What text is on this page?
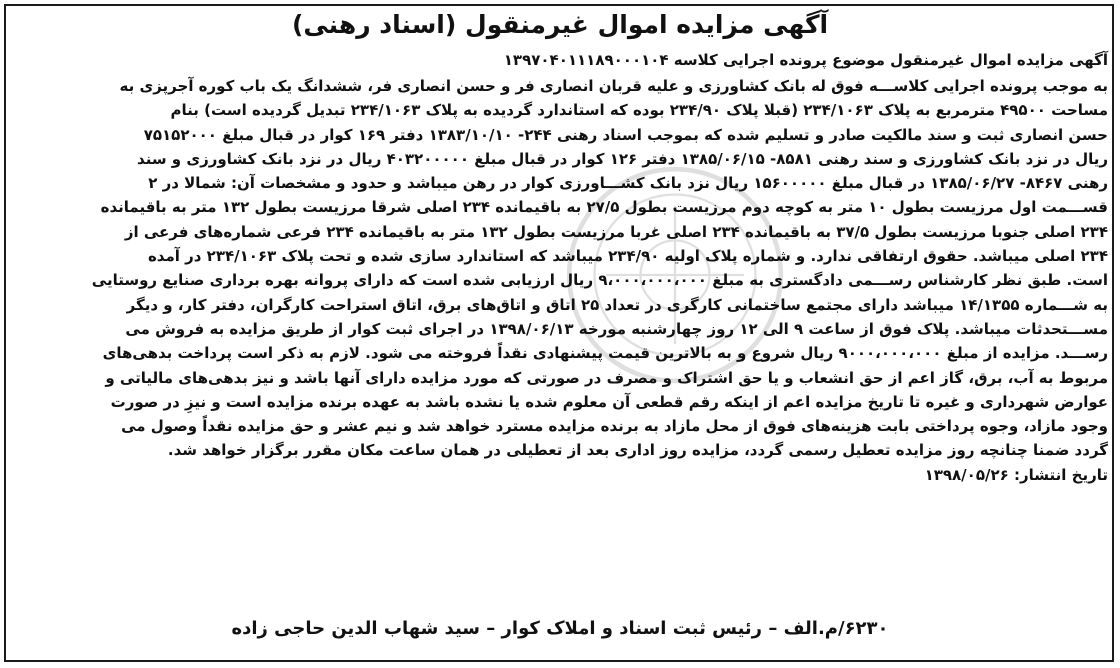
آگهی مزایده اموال غیرمنقول (اسناد رهنی)
آگهی مزایده اموال غیرمنقول موضوع پرونده اجرایی کلاسه ۱۳۹۷۰۴۰۱۱۱۸۹۰۰۰۱۰۴
به موجب پرونده اجرایی کلاســـه فوق له بانک کشاورزی و علیه قربان انصاری فر و حسن انصاری فر، ششدانگ یک باب کوره آجرپزی به
مساحت ۴۹۵۰۰ مترمربع به پلاک ۲۳۴/۱۰۶۳ (قبلا پلاک ۲۳۴/۹۰ بوده که استاندارد گردیده به پلاک ۲۳۴/۱۰۶۳ تبدیل گردیده است) بنام
حسن انصاری ثبت و سند مالکیت صادر و تسلیم شده که بموجب اسناد رهنی ۲۴۴- ۱۳۸۳/۱۰/۱۰ دفتر ۱۶۹ کوار در قبال مبلغ ۷۵۱۵۲۰۰۰
ریال در نزد بانک کشاورزی و سند رهنی ۸۵۸۱- ۱۳۸۵/۰۶/۱۵ دفتر ۱۲۶ کوار در قبال مبلغ ۴۰۳۲۰۰۰۰۰ ریال در نزد بانک کشاورزی و سند
رهنی ۸۴۶۷- ۱۳۸۵/۰۶/۲۷ در قبال مبلغ ۱۵۶۰۰۰۰۰ ریال نزد بانک کشـــاورزی کوار در رهن میباشد و حدود و مشخصات آن: شمالا در ۲
قســـمت اول مرزیست بطول ۱۰ متر به کوچه دوم مرزیست بطول ۲۷/۵ به باقیمانده ۲۳۴ اصلی شرقا مرزیست بطول ۱۳۲ متر به باقیمانده
۲۳۴ اصلی جنوبا مرزیست بطول ۳۷/۵ به باقیمانده ۲۳۴ اصلی غربا مرزیست بطول ۱۳۲ متر به باقیمانده ۲۳۴ فرعی شماره‌های فرعی از
۲۳۴ اصلی میباشد. حقوق ارتفاقی ندارد. و شماره پلاک اولیه ۲۳۴/۹۰ میباشد که استاندارد سازی شده و تحت پلاک ۲۳۴/۱۰۶۳ در آمده
است. طبق نظر کارشناس رســـمی دادگستری به مبلغ ۹،۰۰۰،۰۰۰،۰۰۰ ریال ارزیابی شده است که دارای پروانه بهره برداری صنایع روستایی
به شـــماره ۱۴/۱۳۵۵ میباشد دارای مجتمع ساختمانی کارگری در تعداد ۲۵ اتاق و اتاق‌های برق، اتاق استراحت کارگران، دفتر کار، و دیگر
مســـتحدثات میباشد. پلاک فوق از ساعت ۹ الی ۱۲ روز چهارشنبه مورخه ۱۳۹۸/۰۶/۱۳ در اجرای ثبت کوار از طریق مزایده به فروش می
رســـد. مزایده از مبلغ ۹۰۰۰،۰۰۰،۰۰۰ ریال شروع و به بالاترین قیمت پیشنهادی نقداً فروخته می شود. لازم به ذکر است پرداخت بدهی‌های
مربوط به آب، برق، گاز اعم از حق انشعاب و یا حق اشتراک و مصرف در صورتی که مورد مزایده دارای آنها باشد و نیز بدهی‌های مالیاتی و
عوارض شهرداری و غیره تا تاریخ مزایده اعم از اینکه رقم قطعی آن معلوم شده یا نشده باشد به عهده برنده مزایده است و نیزِ در صورت
وجود مازاد، وجوه پرداختی بابت هزینه‌های فوق از محل مازاد به برنده مزایده مسترد خواهد شد و نیم عشر و حق مزایده نقداً وصول می
گردد ضمنا چنانچه روز مزایده تعطیل رسمی گردد، مزایده روز اداری بعد از تعطیلی در همان ساعت مکان مقرر برگزار خواهد شد.
تاریخ انتشار: ۱۳۹۸/۰۵/۲۶
۶۲۳۰/م.الف – رئیس ثبت اسناد و املاک کوار – سید شهاب الدین حاجی زاده
